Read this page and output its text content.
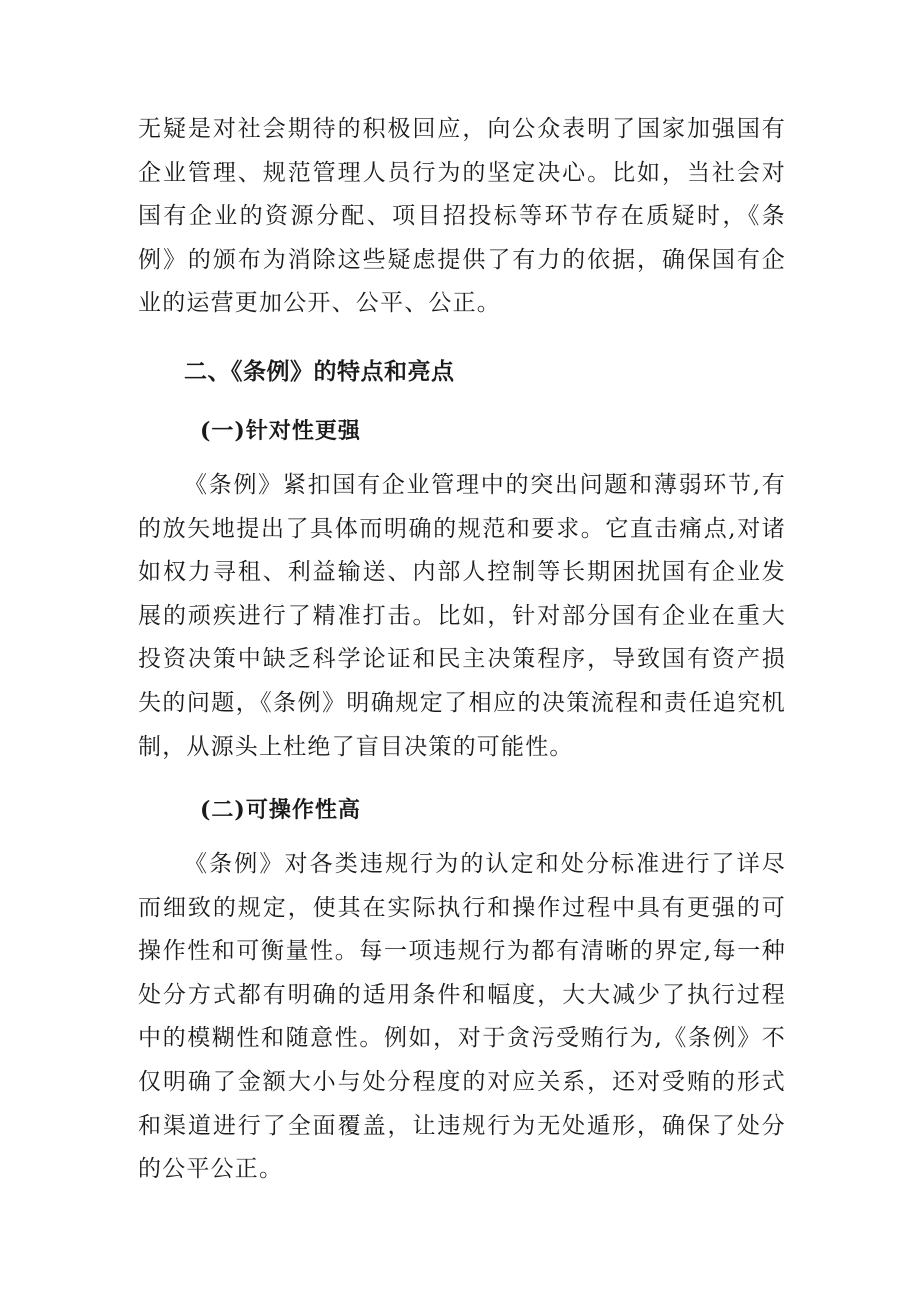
无疑是对社会期待的积极回应，向公众表明了国家加强国有企业管理、规范管理人员行为的坚定决心。比如，当社会对国有企业的资源分配、项目招投标等环节存在质疑时，《条例》的颁布为消除这些疑虑提供了有力的依据，确保国有企业的运营更加公开、公平、公正。

二、《条例》的特点和亮点
(一)针对性更强

《条例》紧扣国有企业管理中的突出问题和薄弱环节,有的放矢地提出了具体而明确的规范和要求。它直击痛点,对诸如权力寻租、利益输送、内部人控制等长期困扰国有企业发展的顽疾进行了精准打击。比如，针对部分国有企业在重大投资决策中缺乏科学论证和民主决策程序，导致国有资产损失的问题，《条例》明确规定了相应的决策流程和责任追究机制，从源头上杜绝了盲目决策的可能性。

(二)可操作性高

《条例》对各类违规行为的认定和处分标准进行了详尽而细致的规定，使其在实际执行和操作过程中具有更强的可操作性和可衡量性。每一项违规行为都有清晰的界定,每一种处分方式都有明确的适用条件和幅度，大大减少了执行过程中的模糊性和随意性。例如，对于贪污受贿行为,《条例》不仅明确了金额大小与处分程度的对应关系，还对受贿的形式和渠道进行了全面覆盖，让违规行为无处遁形，确保了处分的公平公正。
